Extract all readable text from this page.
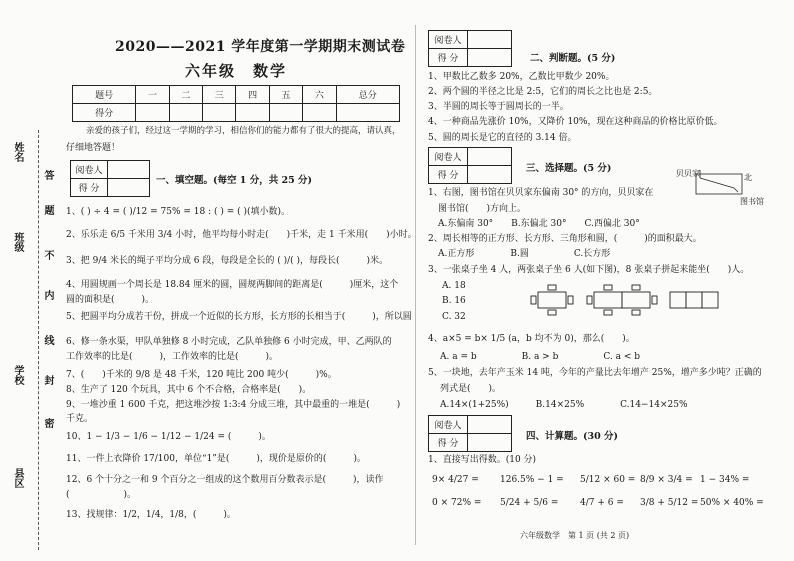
姓名
答
题
不
班级
内
线
学校 封
密
县区
2020——2021 学年度第一学期期末测试卷
六年级　数学
题号	一	二	三	四	五	六	总分
得分							
亲爱的孩子们，经过这一学期的学习，相信你们的能力都有了很大的提高，请认真，
仔细地答题！
阅卷人	
得 分	
一、填空题。(每空 1 分，共 25 分)
1、( ) ÷ 4 = ( )/12 = 75% = 18 : ( ) = ( )(填小数)。
2、乐乐走 6/5 千米用 3/4 小时，他平均每小时走(　　)千米，走 1 千米用(　　)小时。
3、把 9/4 米长的绳子平均分成 6 段，每段是全长的 ( )/( )，每段长(　　　)米。
4、用圆规画一个周长是 18.84 厘米的圆，圆规两脚间的距离是(　　　)厘米，这个
圆的面积是(　　　)。
5、把圆平均分成若干份，拼成一个近似的长方形，长方形的长相当于(　　　)，所以圆
6、修一条水渠，甲队单独修 8 小时完成，乙队单独修 6 小时完成，甲、乙两队的
工作效率的比是(　　　)，工作效率的比是(　　　)。
7、(　　)千米的 9/8 是 48 千米，120 吨比 200 吨少(　　　)%。
8、生产了 120 个玩具，其中 6 个不合格，合格率是(　　)。
9、一堆沙重 1 600 千克，把这堆沙按 1:3:4 分成三堆，其中最重的一堆是(　　　)
千克。
10、1 − 1/3 − 1/6 − 1/12 − 1/24 = (　　　)。
11、一件上衣降价 17/100，单位“1”是(　　　)，现价是原价的(　　　)。
12、6 个十分之一和 9 个百分之一组成的这个数用百分数表示是(　　　)，读作
(　　　　　　)。
13、找规律：1/2，1/4，1/8，(　　　)。
阅卷人	
得 分		二、判断题。(5 分)
1、甲数比乙数多 20%，乙数比甲数少 20%。
2、两个圆的半径之比是 2:5，它们的周长之比也是 2:5。
3、半圆的周长等于圆周长的一半。
4、一种商品先涨价 10%，又降价 10%，现在这种商品的价格比原价低。
5、圆的周长是它的直径的 3.14 倍。
阅卷人	
得 分	
三、选择题。(5 分)
北
贝贝家
图书馆
1、右图，图书馆在贝贝家东偏南 30° 的方向，贝贝家在
图书馆(　　)方向上。
A.东偏南 30°　　B.东偏北 30°　　C.西偏北 30°
2、周长相等的正方形、长方形、三角形和圆，(　　　)的面积最大。
A.正方形　　　　B.圆　　　　　C.长方形
3、一张桌子坐 4 人，两张桌子坐 6 人(如下图)，8 张桌子拼起来能坐(　　)人。
A. 18
B. 16
C. 32
4、a×5 = b× 1/5 (a，b 均不为 0)，那么(　　)。
A. a = b　　　　　B. a > b　　　　　C. a < b
5、一块地，去年产玉米 14 吨，今年的产量比去年增产 25%，增产多少吨？正确的
列式是(　　)。
A.14×(1+25%)　　　B.14×25%　　　　C.14−14×25%
阅卷人	
得 分	
四、计算题。(30 分)
1、直接写出得数。(10 分)
9× 4/27 = 126.5% − 1 = 5/12 × 60 = 8/9 × 3/4 = 1 − 34% =
0 × 72% = 5/24 + 5/6 = 4/7 + 6 = 3/8 + 5/12 = 50% × 40% =
六年级数学　第 1 页 (共 2 页)
